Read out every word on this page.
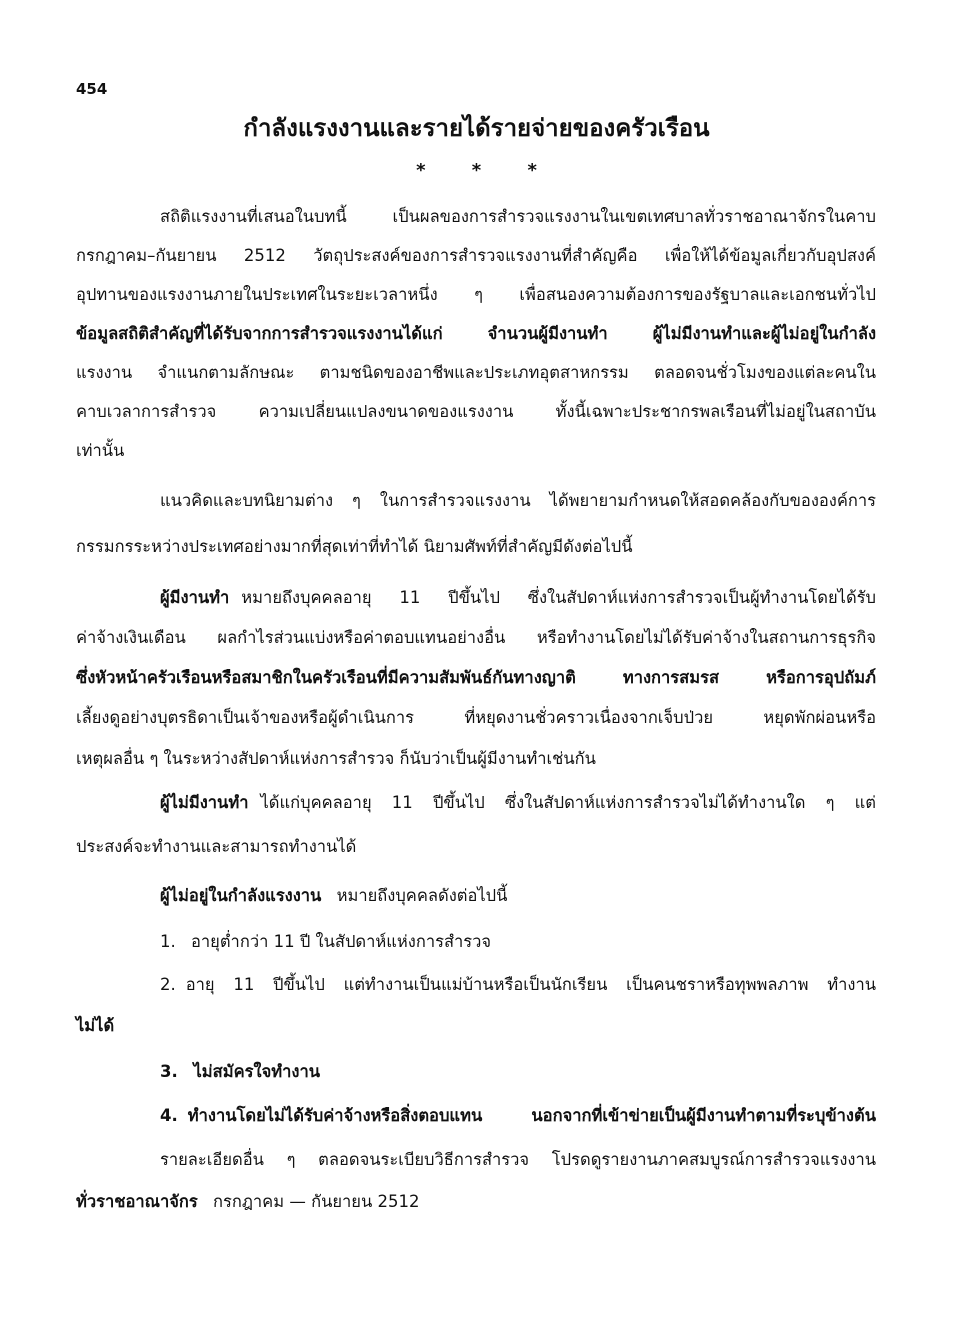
454
กำลังแรงงานและรายได้รายจ่ายของครัวเรือน
* * *
สถิติแรงงานที่เสนอในบทนี้ เป็นผลของการสำรวจแรงงานในเขตเทศบาลทั่วราชอาณาจักรในคาบ
กรกฎาคม–กันยายน 2512 วัตถุประสงค์ของการสำรวจแรงงานที่สำคัญคือ เพื่อให้ได้ข้อมูลเกี่ยวกับอุปสงค์
อุปทานของแรงงานภายในประเทศในระยะเวลาหนึ่ง ๆ เพื่อสนองความต้องการของรัฐบาลและเอกชนทั่วไป
ข้อมูลสถิติสำคัญที่ได้รับจากการสำรวจแรงงานได้แก่ จำนวนผู้มีงานทำ ผู้ไม่มีงานทำและผู้ไม่อยู่ในกำลัง
แรงงาน จำแนกตามลักษณะ ตามชนิดของอาชีพและประเภทอุตสาหกรรม ตลอดจนชั่วโมงของแต่ละคนใน
คาบเวลาการสำรวจ ความเปลี่ยนแปลงขนาดของแรงงาน ทั้งนี้เฉพาะประชากรพลเรือนที่ไม่อยู่ในสถาบัน
เท่านั้น
แนวคิดและบทนิยามต่าง ๆ ในการสำรวจแรงงาน ได้พยายามกำหนดให้สอดคล้องกับขององค์การ
กรรมกรระหว่างประเทศอย่างมากที่สุดเท่าที่ทำได้ นิยามศัพท์ที่สำคัญมีดังต่อไปนี้
ผู้มีงานทำ หมายถึงบุคคลอายุ 11 ปีขึ้นไป ซึ่งในสัปดาห์แห่งการสำรวจเป็นผู้ทำงานโดยได้รับ
ค่าจ้างเงินเดือน ผลกำไรส่วนแบ่งหรือค่าตอบแทนอย่างอื่น หรือทำงานโดยไม่ได้รับค่าจ้างในสถานการธุรกิจ
ซึ่งหัวหน้าครัวเรือนหรือสมาชิกในครัวเรือนที่มีความสัมพันธ์กันทางญาติ ทางการสมรส หรือการอุปถัมภ์
เลี้ยงดูอย่างบุตรธิดาเป็นเจ้าของหรือผู้ดำเนินการ ที่หยุดงานชั่วคราวเนื่องจากเจ็บป่วย หยุดพักผ่อนหรือ
เหตุผลอื่น ๆ ในระหว่างสัปดาห์แห่งการสำรวจ ก็นับว่าเป็นผู้มีงานทำเช่นกัน
ผู้ไม่มีงานทำ ได้แก่บุคคลอายุ 11 ปีขึ้นไป ซึ่งในสัปดาห์แห่งการสำรวจไม่ได้ทำงานใด ๆ แต่
ประสงค์จะทำงานและสามารถทำงานได้
ผู้ไม่อยู่ในกำลังแรงงาน หมายถึงบุคคลดังต่อไปนี้
1. อายุต่ำกว่า 11 ปี ในสัปดาห์แห่งการสำรวจ
2. อายุ 11 ปีขึ้นไป แต่ทำงานเป็นแม่บ้านหรือเป็นนักเรียน เป็นคนชราหรือทุพพลภาพ ทำงาน
ไม่ได้
3. ไม่สมัครใจทำงาน
4. ทำงานโดยไม่ได้รับค่าจ้างหรือสิ่งตอบแทน นอกจากที่เข้าข่ายเป็นผู้มีงานทำตามที่ระบุข้างต้น
รายละเอียดอื่น ๆ ตลอดจนระเบียบวิธีการสำรวจ โปรดดูรายงานภาคสมบูรณ์การสำรวจแรงงาน
ทั่วราชอาณาจักร กรกฎาคม — กันยายน 2512
